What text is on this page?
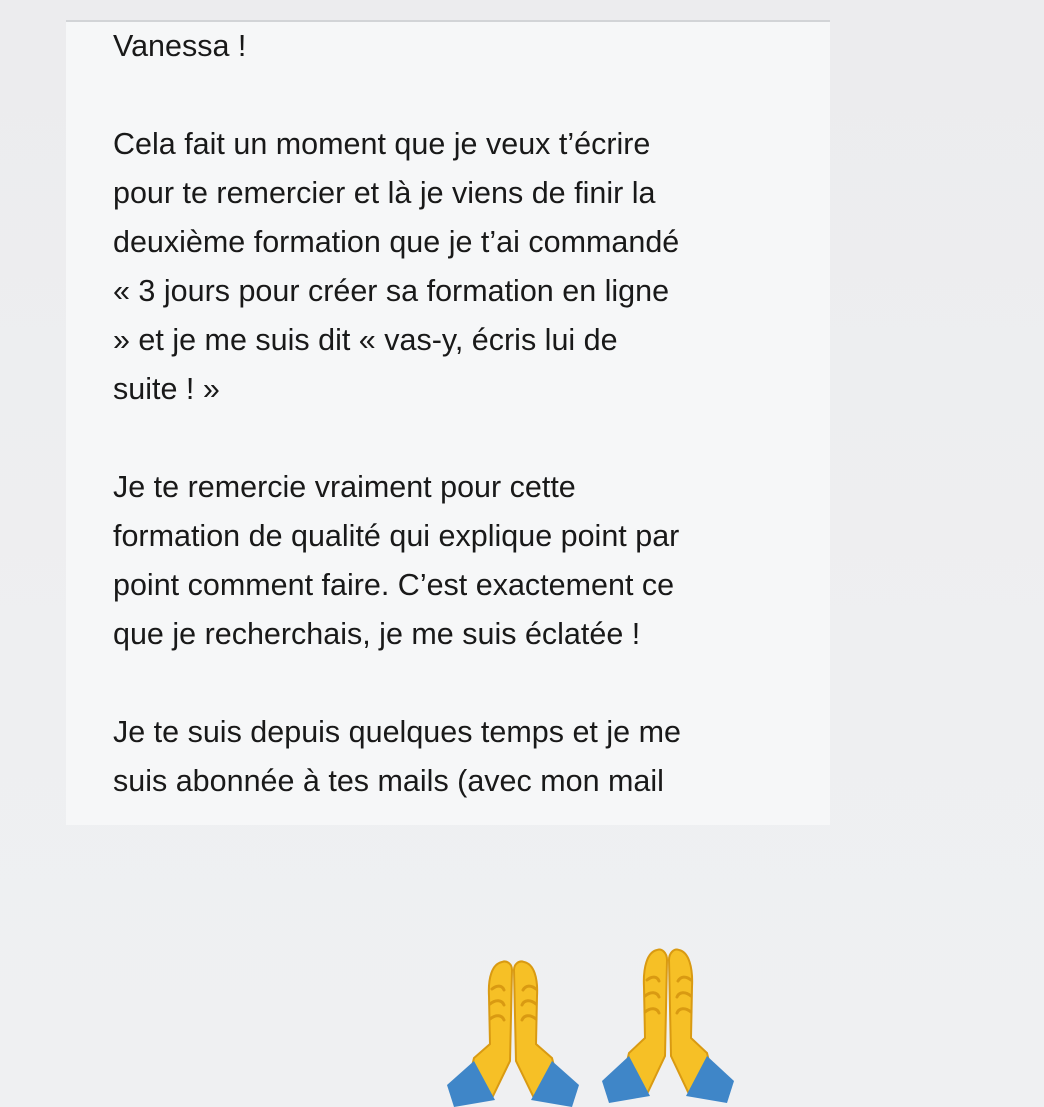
Vanessa !

Cela fait un moment que je veux t’écrire
pour te remercier et là je viens de finir la
deuxième formation que je t’ai commandé
« 3 jours pour créer sa formation en ligne
» et je me suis dit « vas-y, écris lui de
suite ! »

Je te remercie vraiment pour cette
formation de qualité qui explique point par
point comment faire. C’est exactement ce
que je recherchais, je me suis éclatée !

Je te suis depuis quelques temps et je me
suis abonnée à tes mails (avec mon mail
